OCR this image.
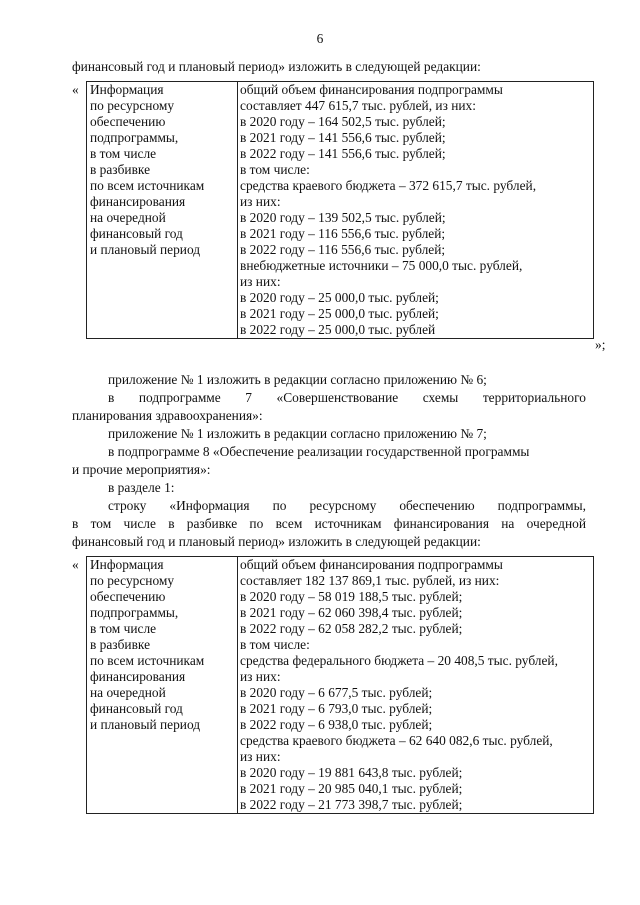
6
финансовый год и плановый период» изложить в следующей редакции:
« Информация
по ресурсному
обеспечению
подпрограммы,
в том числе
в разбивке
по всем источникам
финансирования
на очередной
финансовый год
и плановый период

общий объем финансирования подпрограммы
составляет 447 615,7 тыс. рублей, из них:
в 2020 году – 164 502,5 тыс. рублей;
в 2021 году – 141 556,6 тыс. рублей;
в 2022 году – 141 556,6 тыс. рублей;
в том числе:
средства краевого бюджета – 372 615,7 тыс. рублей,
из них:
в 2020 году – 139 502,5 тыс. рублей;
в 2021 году – 116 556,6 тыс. рублей;
в 2022 году – 116 556,6 тыс. рублей;
внебюджетные источники – 75 000,0 тыс. рублей,
из них:
в 2020 году – 25 000,0 тыс. рублей;
в 2021 году – 25 000,0 тыс. рублей;
в 2022 году – 25 000,0 тыс. рублей
»;
приложение № 1 изложить в редакции согласно приложению № 6;
в подпрограмме 7 «Совершенствование схемы территориального
планирования здравоохранения»:
приложение № 1 изложить в редакции согласно приложению № 7;
в подпрограмме 8 «Обеспечение реализации государственной программы
и прочие мероприятия»:
в разделе 1:
строку «Информация по ресурсному обеспечению подпрограммы,
в том числе в разбивке по всем источникам финансирования на очередной
финансовый год и плановый период» изложить в следующей редакции:
« Информация
по ресурсному
обеспечению
подпрограммы,
в том числе
в разбивке
по всем источникам
финансирования
на очередной
финансовый год
и плановый период

общий объем финансирования подпрограммы
составляет 182 137 869,1 тыс. рублей, из них:
в 2020 году – 58 019 188,5 тыс. рублей;
в 2021 году – 62 060 398,4 тыс. рублей;
в 2022 году – 62 058 282,2 тыс. рублей;
в том числе:
средства федерального бюджета – 20 408,5 тыс. рублей,
из них:
в 2020 году – 6 677,5 тыс. рублей;
в 2021 году – 6 793,0 тыс. рублей;
в 2022 году – 6 938,0 тыс. рублей;
средства краевого бюджета – 62 640 082,6 тыс. рублей,
из них:
в 2020 году – 19 881 643,8 тыс. рублей;
в 2021 году – 20 985 040,1 тыс. рублей;
в 2022 году – 21 773 398,7 тыс. рублей;
